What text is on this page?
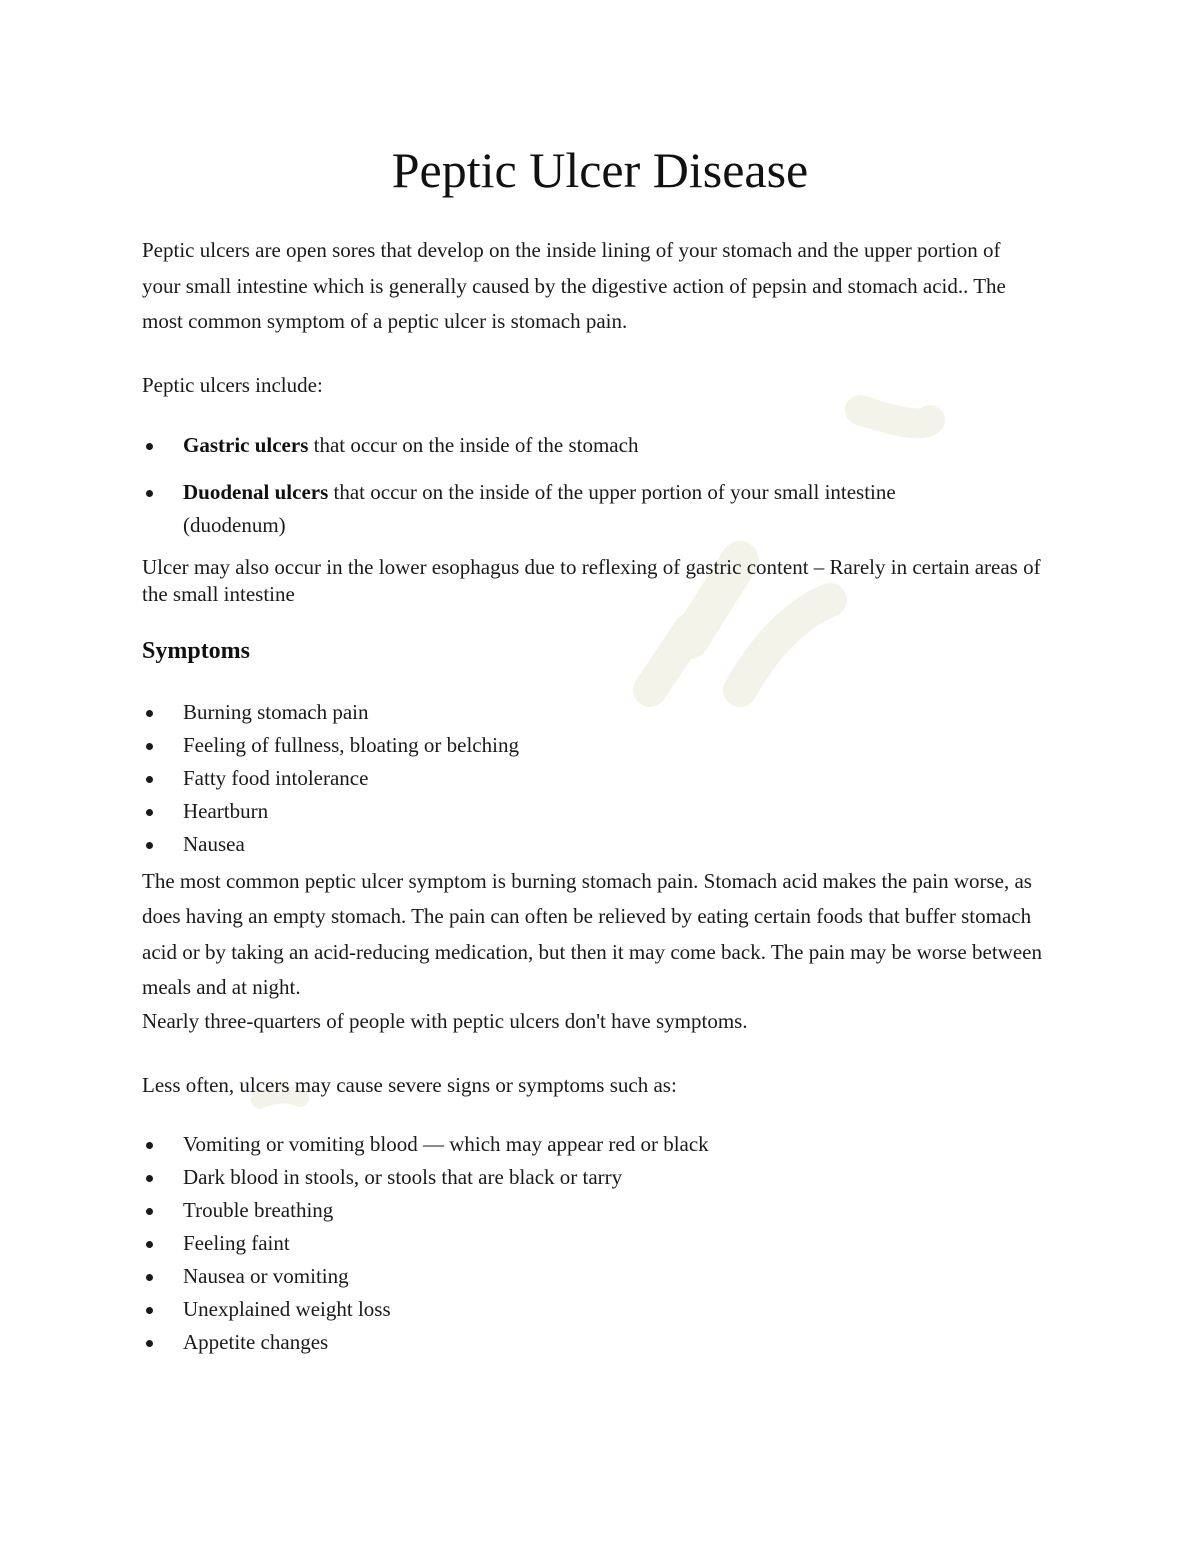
Peptic Ulcer Disease

Peptic ulcers are open sores that develop on the inside lining of your stomach and the upper portion of your small intestine which is generally caused by the digestive action of pepsin and stomach acid.. The most common symptom of a peptic ulcer is stomach pain.

Peptic ulcers include:

Gastric ulcers that occur on the inside of the stomach
Duodenal ulcers that occur on the inside of the upper portion of your small intestine
(duodenum)

Ulcer may also occur in the lower esophagus due to reflexing of gastric content – Rarely in certain areas of the small intestine

Symptoms
Burning stomach pain
Feeling of fullness, bloating or belching
Fatty food intolerance
Heartburn
Nausea

The most common peptic ulcer symptom is burning stomach pain. Stomach acid makes the pain worse, as does having an empty stomach. The pain can often be relieved by eating certain foods that buffer stomach acid or by taking an acid-reducing medication, but then it may come back. The pain may be worse between meals and at night.

Nearly three-quarters of people with peptic ulcers don't have symptoms.

Less often, ulcers may cause severe signs or symptoms such as:

Vomiting or vomiting blood — which may appear red or black
Dark blood in stools, or stools that are black or tarry
Trouble breathing
Feeling faint
Nausea or vomiting
Unexplained weight loss
Appetite changes
